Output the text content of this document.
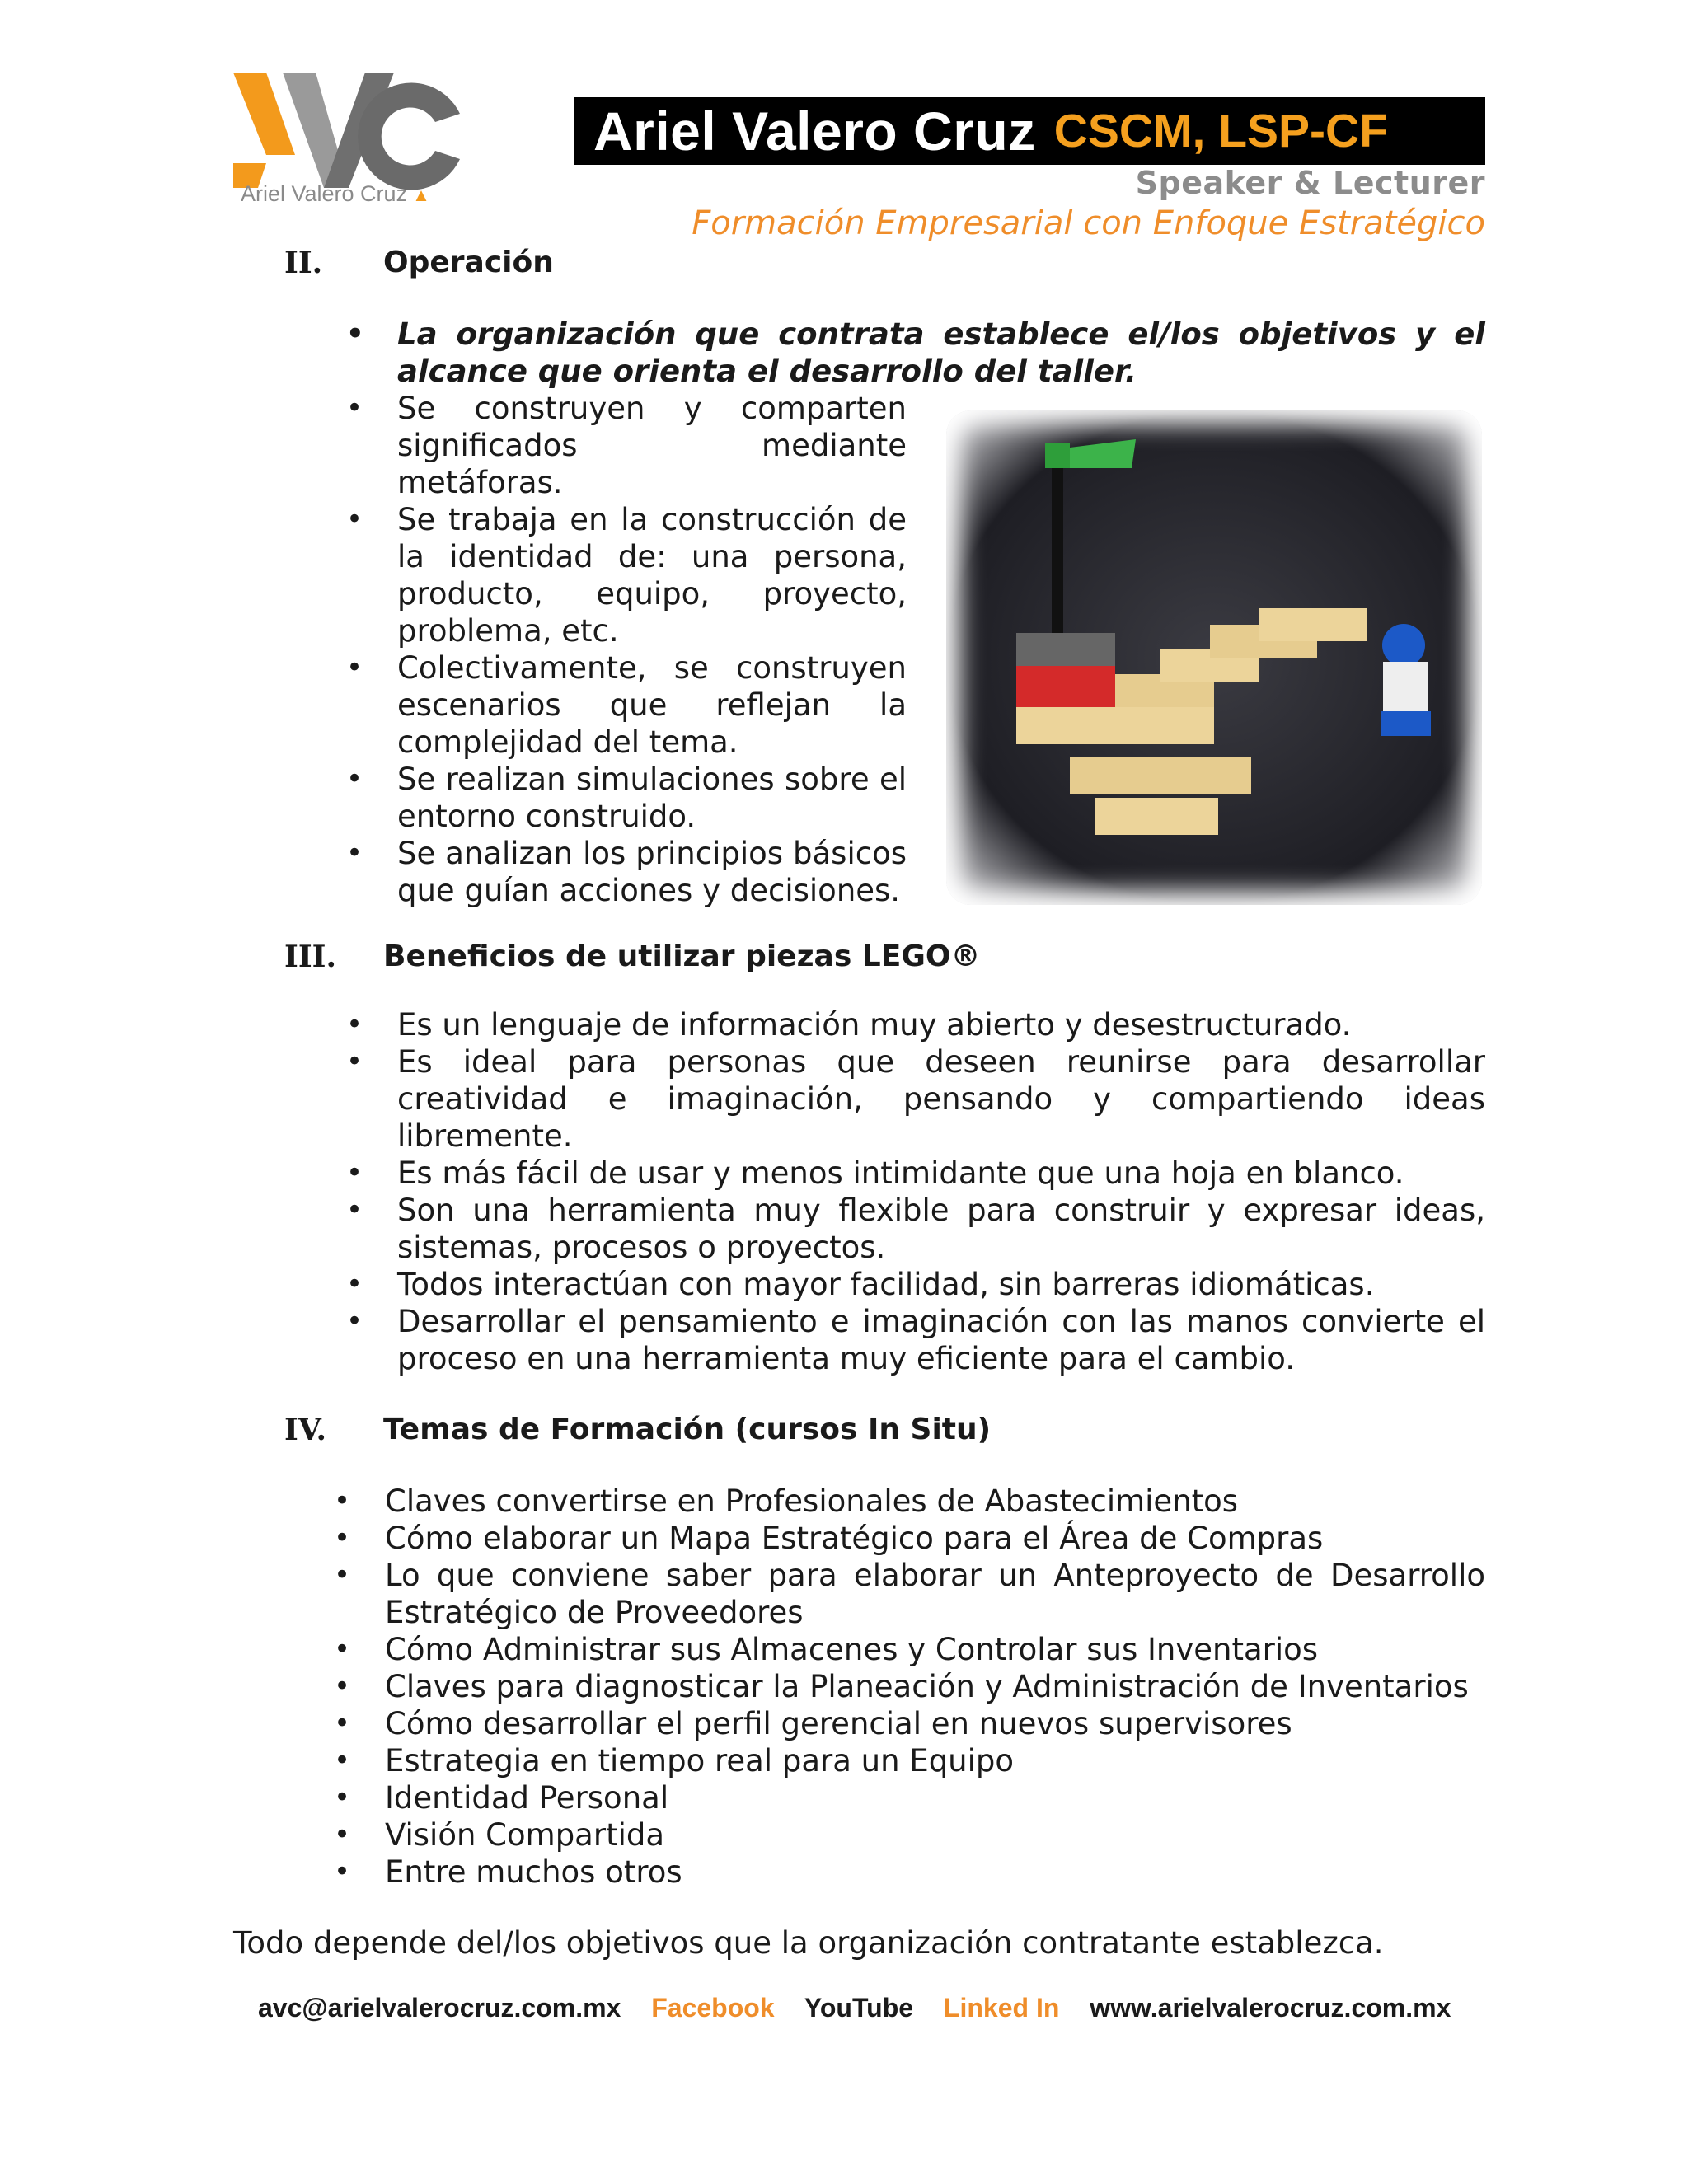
Ariel Valero Cruz ▲
Ariel Valero Cruz CSCM, LSP-CF
Speaker & Lecturer
Formación Empresarial con Enfoque Estratégico
II.	Operación
• La organización que contrata establece el/los objetivos y el alcance que orienta el desarrollo del taller.
• Se construyen y comparten significados mediante metáforas.
• Se trabaja en la construcción de la identidad de: una persona, producto, equipo, proyecto, problema, etc.
• Colectivamente, se construyen escenarios que reflejan la complejidad del tema.
• Se realizan simulaciones sobre el entorno construido.
• Se analizan los principios básicos que guían acciones y decisiones.
III.	Beneficios de utilizar piezas LEGO®
• Es un lenguaje de información muy abierto y desestructurado.
• Es ideal para personas que deseen reunirse para desarrollar creatividad e imaginación, pensando y compartiendo ideas libremente.
• Es más fácil de usar y menos intimidante que una hoja en blanco.
• Son una herramienta muy flexible para construir y expresar ideas, sistemas, procesos o proyectos.
• Todos interactúan con mayor facilidad, sin barreras idiomáticas.
• Desarrollar el pensamiento e imaginación con las manos convierte el proceso en una herramienta muy eficiente para el cambio.
IV.	Temas de Formación (cursos In Situ)
• Claves convertirse en Profesionales de Abastecimientos
• Cómo elaborar un Mapa Estratégico para el Área de Compras
• Lo que conviene saber para elaborar un Anteproyecto de Desarrollo Estratégico de Proveedores
• Cómo Administrar sus Almacenes y Controlar sus Inventarios
• Claves para diagnosticar la Planeación y Administración de Inventarios
• Cómo desarrollar el perfil gerencial en nuevos supervisores
• Estrategia en tiempo real para un Equipo
• Identidad Personal
• Visión Compartida
• Entre muchos otros
Todo depende del/los objetivos que la organización contratante establezca.
avc@arielvalerocruz.com.mx Facebook YouTube Linked In www.arielvalerocruz.com.mx
